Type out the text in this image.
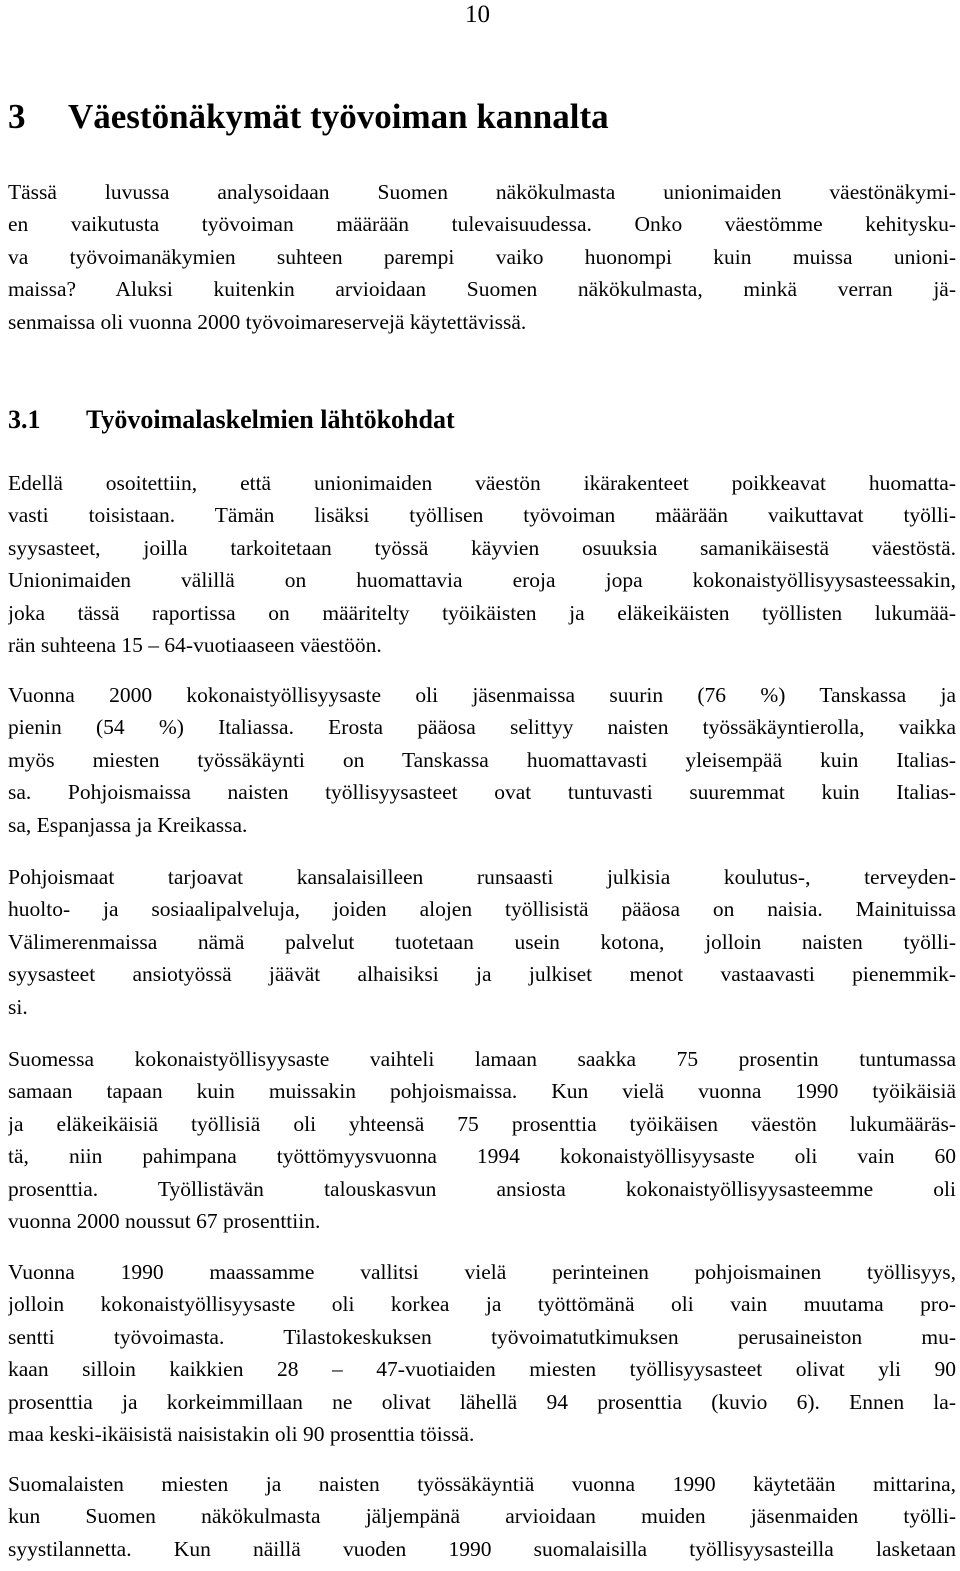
10
3 Väestönäkymät työvoiman kannalta
Tässä luvussa analysoidaan Suomen näkökulmasta unionimaiden väestönäkymi-
en vaikutusta työvoiman määrään tulevaisuudessa. Onko väestömme kehitysku-
va työvoimanäkymien suhteen parempi vaiko huonompi kuin muissa unioni-
maissa? Aluksi kuitenkin arvioidaan Suomen näkökulmasta, minkä verran jä-
senmaissa oli vuonna 2000 työvoimareservejä käytettävissä.
3.1 Työvoimalaskelmien lähtökohdat
Edellä osoitettiin, että unionimaiden väestön ikärakenteet poikkeavat huomatta-
vasti toisistaan. Tämän lisäksi työllisen työvoiman määrään vaikuttavat työlli-
syysasteet, joilla tarkoitetaan työssä käyvien osuuksia samanikäisestä väestöstä.
Unionimaiden välillä on huomattavia eroja jopa kokonaistyöllisyysasteessakin,
joka tässä raportissa on määritelty työikäisten ja eläkeikäisten työllisten lukumää-
rän suhteena 15 – 64-vuotiaaseen väestöön.
Vuonna 2000 kokonaistyöllisyysaste oli jäsenmaissa suurin (76 %) Tanskassa ja
pienin (54 %) Italiassa. Erosta pääosa selittyy naisten työssäkäyntierolla, vaikka
myös miesten työssäkäynti on Tanskassa huomattavasti yleisempää kuin Italias-
sa. Pohjoismaissa naisten työllisyysasteet ovat tuntuvasti suuremmat kuin Italias-
sa, Espanjassa ja Kreikassa.
Pohjoismaat tarjoavat kansalaisilleen runsaasti julkisia koulutus-, terveyden-
huolto- ja sosiaalipalveluja, joiden alojen työllisistä pääosa on naisia. Mainituissa
Välimerenmaissa nämä palvelut tuotetaan usein kotona, jolloin naisten työlli-
syysasteet ansiotyössä jäävät alhaisiksi ja julkiset menot vastaavasti pienemmik-
si.
Suomessa kokonaistyöllisyysaste vaihteli lamaan saakka 75 prosentin tuntumassa
samaan tapaan kuin muissakin pohjoismaissa. Kun vielä vuonna 1990 työikäisiä
ja eläkeikäisiä työllisiä oli yhteensä 75 prosenttia työikäisen väestön lukumääräs-
tä, niin pahimpana työttömyysvuonna 1994 kokonaistyöllisyysaste oli vain 60
prosenttia. Työllistävän talouskasvun ansiosta kokonaistyöllisyysasteemme oli
vuonna 2000 noussut 67 prosenttiin.
Vuonna 1990 maassamme vallitsi vielä perinteinen pohjoismainen työllisyys,
jolloin kokonaistyöllisyysaste oli korkea ja työttömänä oli vain muutama pro-
sentti työvoimasta. Tilastokeskuksen työvoimatutkimuksen perusaineiston mu-
kaan silloin kaikkien 28 – 47-vuotiaiden miesten työllisyysasteet olivat yli 90
prosenttia ja korkeimmillaan ne olivat lähellä 94 prosenttia (kuvio 6). Ennen la-
maa keski-ikäisistä naisistakin oli 90 prosenttia töissä.
Suomalaisten miesten ja naisten työssäkäyntiä vuonna 1990 käytetään mittarina,
kun Suomen näkökulmasta jäljempänä arvioidaan muiden jäsenmaiden työlli-
syystilannetta. Kun näillä vuoden 1990 suomalaisilla työllisyysasteilla lasketaan
